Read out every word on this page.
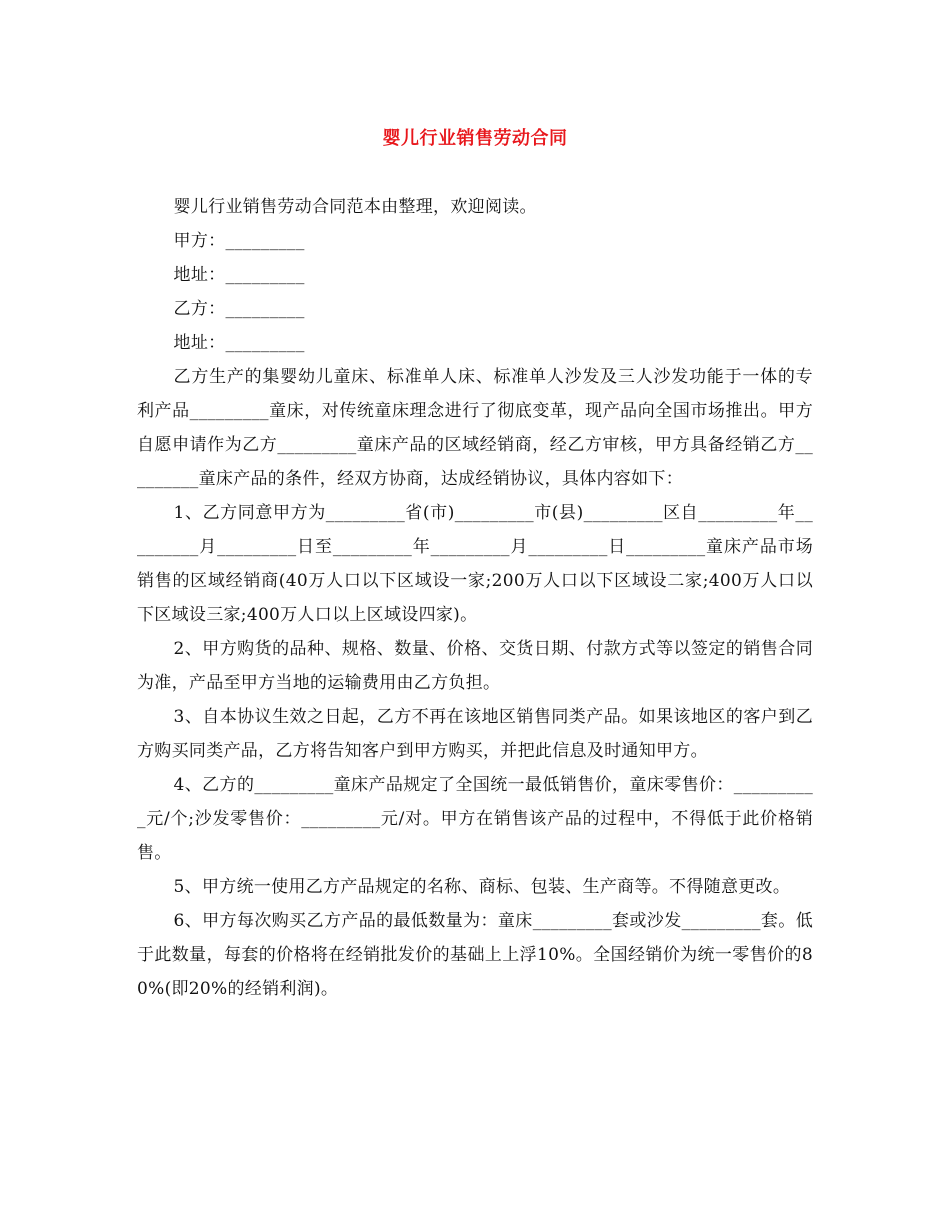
婴儿行业销售劳动合同

婴儿行业销售劳动合同范本由整理，欢迎阅读。

甲方：_________

地址：_________

乙方：_________

地址：_________

乙方生产的集婴幼儿童床、标准单人床、标准单人沙发及三人沙发功能于一体的专利产品_________童床，对传统童床理念进行了彻底变革，现产品向全国市场推出。甲方自愿申请作为乙方_________童床产品的区域经销商，经乙方审核，甲方具备经销乙方_________童床产品的条件，经双方协商，达成经销协议，具体内容如下：

1、乙方同意甲方为_________省(市)_________市(县)_________区自_________年_________月_________日至_________年_________月_________日_________童床产品市场销售的区域经销商(40万人口以下区域设一家;200万人口以下区域设二家;400万人口以下区域设三家;400万人口以上区域设四家)。

2、甲方购货的品种、规格、数量、价格、交货日期、付款方式等以签定的销售合同为准，产品至甲方当地的运输费用由乙方负担。

3、自本协议生效之日起，乙方不再在该地区销售同类产品。如果该地区的客户到乙方购买同类产品，乙方将告知客户到甲方购买，并把此信息及时通知甲方。

4、乙方的_________童床产品规定了全国统一最低销售价，童床零售价：__________元/个;沙发零售价：_________元/对。甲方在销售该产品的过程中，不得低于此价格销售。

5、甲方统一使用乙方产品规定的名称、商标、包装、生产商等。不得随意更改。

6、甲方每次购买乙方产品的最低数量为：童床_________套或沙发_________套。低于此数量，每套的价格将在经销批发价的基础上上浮10%。全国经销价为统一零售价的80%(即20%的经销利润)。
